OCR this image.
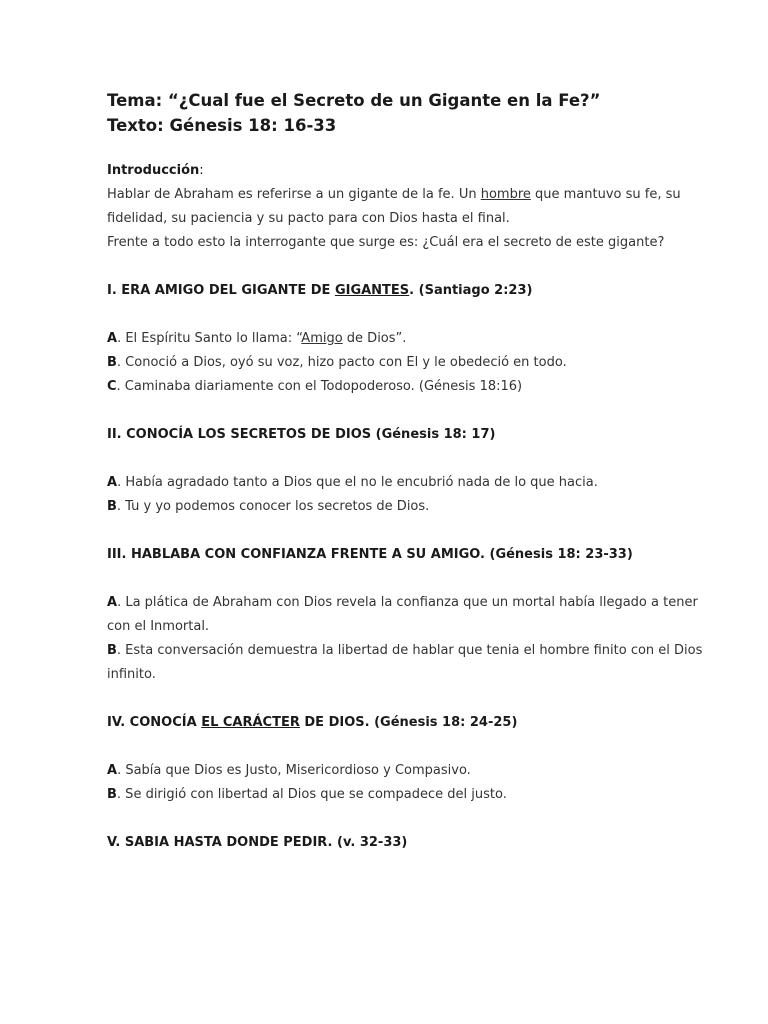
Tema: “¿Cual fue el Secreto de un Gigante en la Fe?”

Texto: Génesis 18: 16-33

Introducción:

Hablar de Abraham es referirse a un gigante de la fe. Un hombre que mantuvo su fe, su fidelidad, su paciencia y su pacto para con Dios hasta el final.

Frente a todo esto la interrogante que surge es: ¿Cuál era el secreto de este gigante?

I. ERA AMIGO DEL GIGANTE DE GIGANTES. (Santiago 2:23)
A. El Espíritu Santo lo llama: “Amigo de Dios”.
B. Conoció a Dios, oyó su voz, hizo pacto con El y le obedeció en todo.
C. Caminaba diariamente con el Todopoderoso. (Génesis 18:16)
II. CONOCÍA LOS SECRETOS DE DIOS (Génesis 18: 17)
A. Había agradado tanto a Dios que el no le encubrió nada de lo que hacia.
B. Tu y yo podemos conocer los secretos de Dios.
III. HABLABA CON CONFIANZA FRENTE A SU AMIGO. (Génesis 18: 23-33)
A. La plática de Abraham con Dios revela la confianza que un mortal había llegado a tener con el Inmortal.
B. Esta conversación demuestra la libertad de hablar que tenia el hombre finito con el Dios infinito.
IV. CONOCÍA EL CARÁCTER DE DIOS. (Génesis 18: 24-25)
A. Sabía que Dios es Justo, Misericordioso y Compasivo.
B. Se dirigió con libertad al Dios que se compadece del justo.
V. SABIA HASTA DONDE PEDIR. (v. 32-33)
